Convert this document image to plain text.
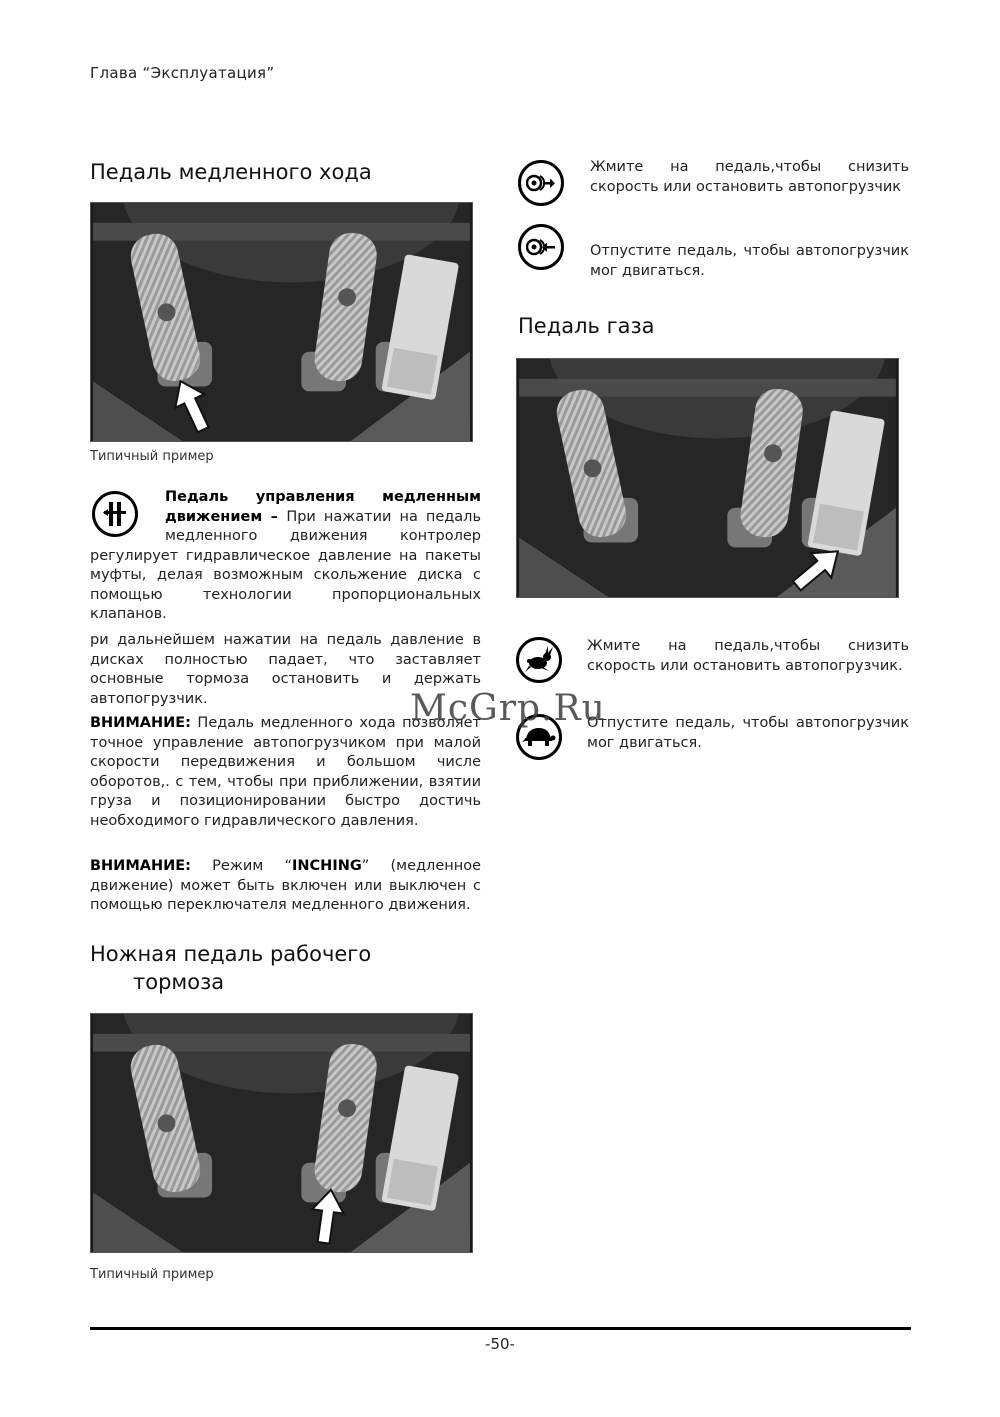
Глава “Эксплуатация”
Педаль медленного хода
Типичный пример
Педаль управления медленным движением – При нажатии на педаль медленного движения контролер регулирует гидравлическое давление на пакеты муфты, делая возможным скольжение диска с помощью технологии пропорциональных клапанов.
ри дальнейшем нажатии на педаль давление в дисках полностью падает, что заставляет основные тормоза остановить и держать автопогрузчик.
ВНИМАНИЕ: Педаль медленного хода позволяет точное управление автопогрузчиком при малой скорости передвижения и большом числе оборотов,. с тем, чтобы при приближении, взятии груза и позиционировании быстро достичь необходимого гидравлического давления.
ВНИМАНИЕ: Режим “INCHING” (медленное движение) может быть включен или выключен с помощью переключателя медленного движения.
Ножная педаль рабочего
тормоза
Типичный пример
Жмите на педаль,чтобы снизить скорость или остановить автопогрузчик
Отпустите педаль, чтобы автопогрузчик мог двигаться.
Педаль газа
Жмите на педаль,чтобы снизить скорость или остановить автопогрузчик.
Отпустите педаль, чтобы автопогрузчик мог двигаться.
McGrp.Ru
-50-
